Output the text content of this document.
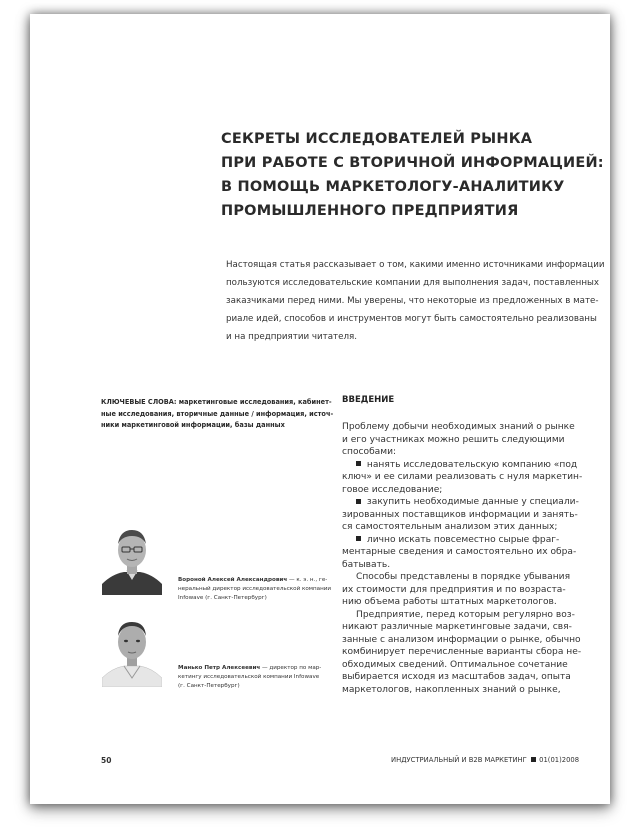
СЕКРЕТЫ ИССЛЕДОВАТЕЛЕЙ РЫНКА
ПРИ РАБОТЕ С ВТОРИЧНОЙ ИНФОРМАЦИЕЙ:
В ПОМОЩЬ МАРКЕТОЛОГУ-АНАЛИТИКУ
ПРОМЫШЛЕННОГО ПРЕДПРИЯТИЯ
Настоящая статья рассказывает о том, какими именно источниками информации
пользуются исследовательские компании для выполнения задач, поставленных
заказчиками перед ними. Мы уверены, что некоторые из предложенных в мате-
риале идей, способов и инструментов могут быть самостоятельно реализованы
и на предприятии читателя.
КЛЮЧЕВЫЕ СЛОВА: маркетинговые исследования, кабинет-
ные исследования, вторичные данные / информация, источ-
ники маркетинговой информации, базы данных
ВВЕДЕНИЕ
Проблему добычи необходимых знаний о рынке
и его участниках можно решить следующими
способами:
нанять исследовательскую компанию «под
ключ» и ее силами реализовать с нуля маркетин-
говое исследование;
закупить необходимые данные у специали-
зированных поставщиков информации и занять-
ся самостоятельным анализом этих данных;
лично искать повсеместно сырые фраг-
ментарные сведения и самостоятельно их обра-
батывать.
Способы представлены в порядке убывания
их стоимости для предприятия и по возраста-
нию объема работы штатных маркетологов.
Предприятие, перед которым регулярно воз-
никают различные маркетинговые задачи, свя-
занные с анализом информации о рынке, обычно
комбинирует перечисленные варианты сбора не-
обходимых сведений. Оптимальное сочетание
выбирается исходя из масштабов задач, опыта
маркетологов, накопленных знаний о рынке,
Вороной Алексей Александрович — к. э. н., ге-
неральный директор исследовательской компании
Infowave (г. Санкт-Петербург)
Манько Петр Алексеевич — директор по мар-
кетингу исследовательской компании Infowave
(г. Санкт-Петербург)
50	ИНДУСТРИАЛЬНЫЙ И B2B МАРКЕТИНГ 01(01)2008
